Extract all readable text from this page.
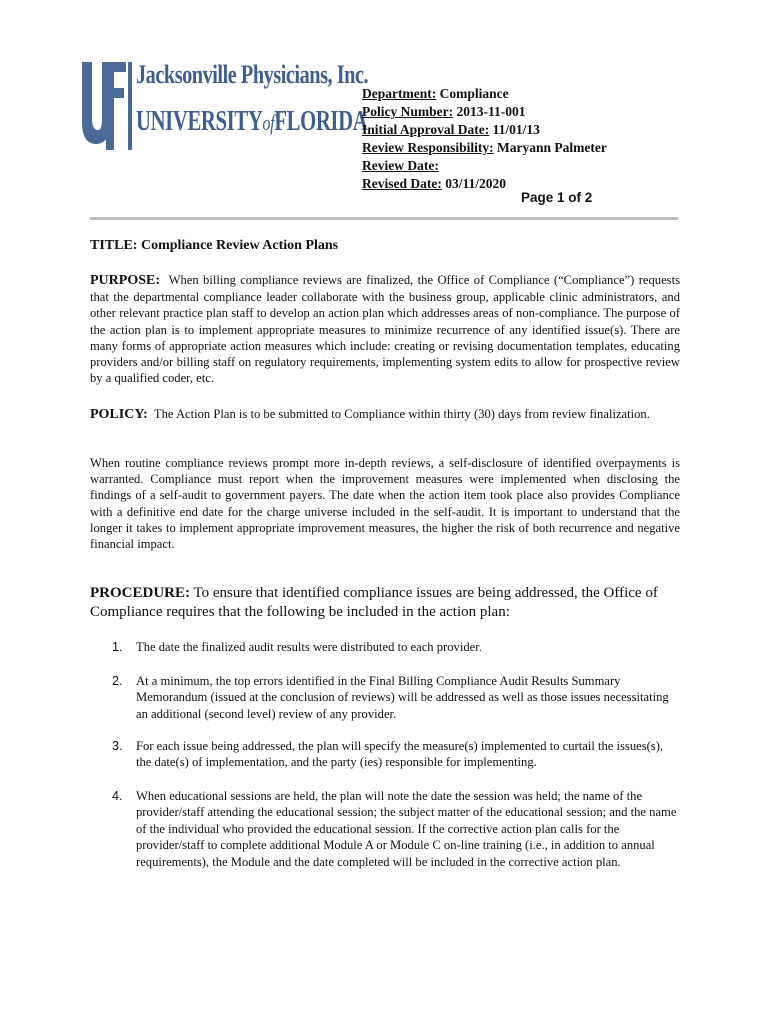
Jacksonville Physicians, Inc.
UNIVERSITYofFLORIDA
Department: Compliance
Policy Number: 2013-11-001
Initial Approval Date: 11/01/13
Review Responsibility: Maryann Palmeter
Review Date:
Revised Date: 03/11/2020
Page 1 of 2
TITLE: Compliance Review Action Plans
PURPOSE: When billing compliance reviews are finalized, the Office of Compliance (“Compliance”) requests that the departmental compliance leader collaborate with the business group, applicable clinic administrators, and other relevant practice plan staff to develop an action plan which addresses areas of non-compliance. The purpose of the action plan is to implement appropriate measures to minimize recurrence of any identified issue(s). There are many forms of appropriate action measures which include: creating or revising documentation templates, educating providers and/or billing staff on regulatory requirements, implementing system edits to allow for prospective review by a qualified coder, etc.
POLICY: The Action Plan is to be submitted to Compliance within thirty (30) days from review finalization.
When routine compliance reviews prompt more in-depth reviews, a self-disclosure of identified overpayments is warranted. Compliance must report when the improvement measures were implemented when disclosing the findings of a self-audit to government payers. The date when the action item took place also provides Compliance with a definitive end date for the charge universe included in the self-audit. It is important to understand that the longer it takes to implement appropriate improvement measures, the higher the risk of both recurrence and negative financial impact.
PROCEDURE: To ensure that identified compliance issues are being addressed, the Office of Compliance requires that the following be included in the action plan:
1. The date the finalized audit results were distributed to each provider.
2. At a minimum, the top errors identified in the Final Billing Compliance Audit Results Summary Memorandum (issued at the conclusion of reviews) will be addressed as well as those issues necessitating an additional (second level) review of any provider.
3. For each issue being addressed, the plan will specify the measure(s) implemented to curtail the issues(s), the date(s) of implementation, and the party (ies) responsible for implementing.
4. When educational sessions are held, the plan will note the date the session was held; the name of the provider/staff attending the educational session; the subject matter of the educational session; and the name of the individual who provided the educational session. If the corrective action plan calls for the provider/staff to complete additional Module A or Module C on-line training (i.e., in addition to annual requirements), the Module and the date completed will be included in the corrective action plan.
